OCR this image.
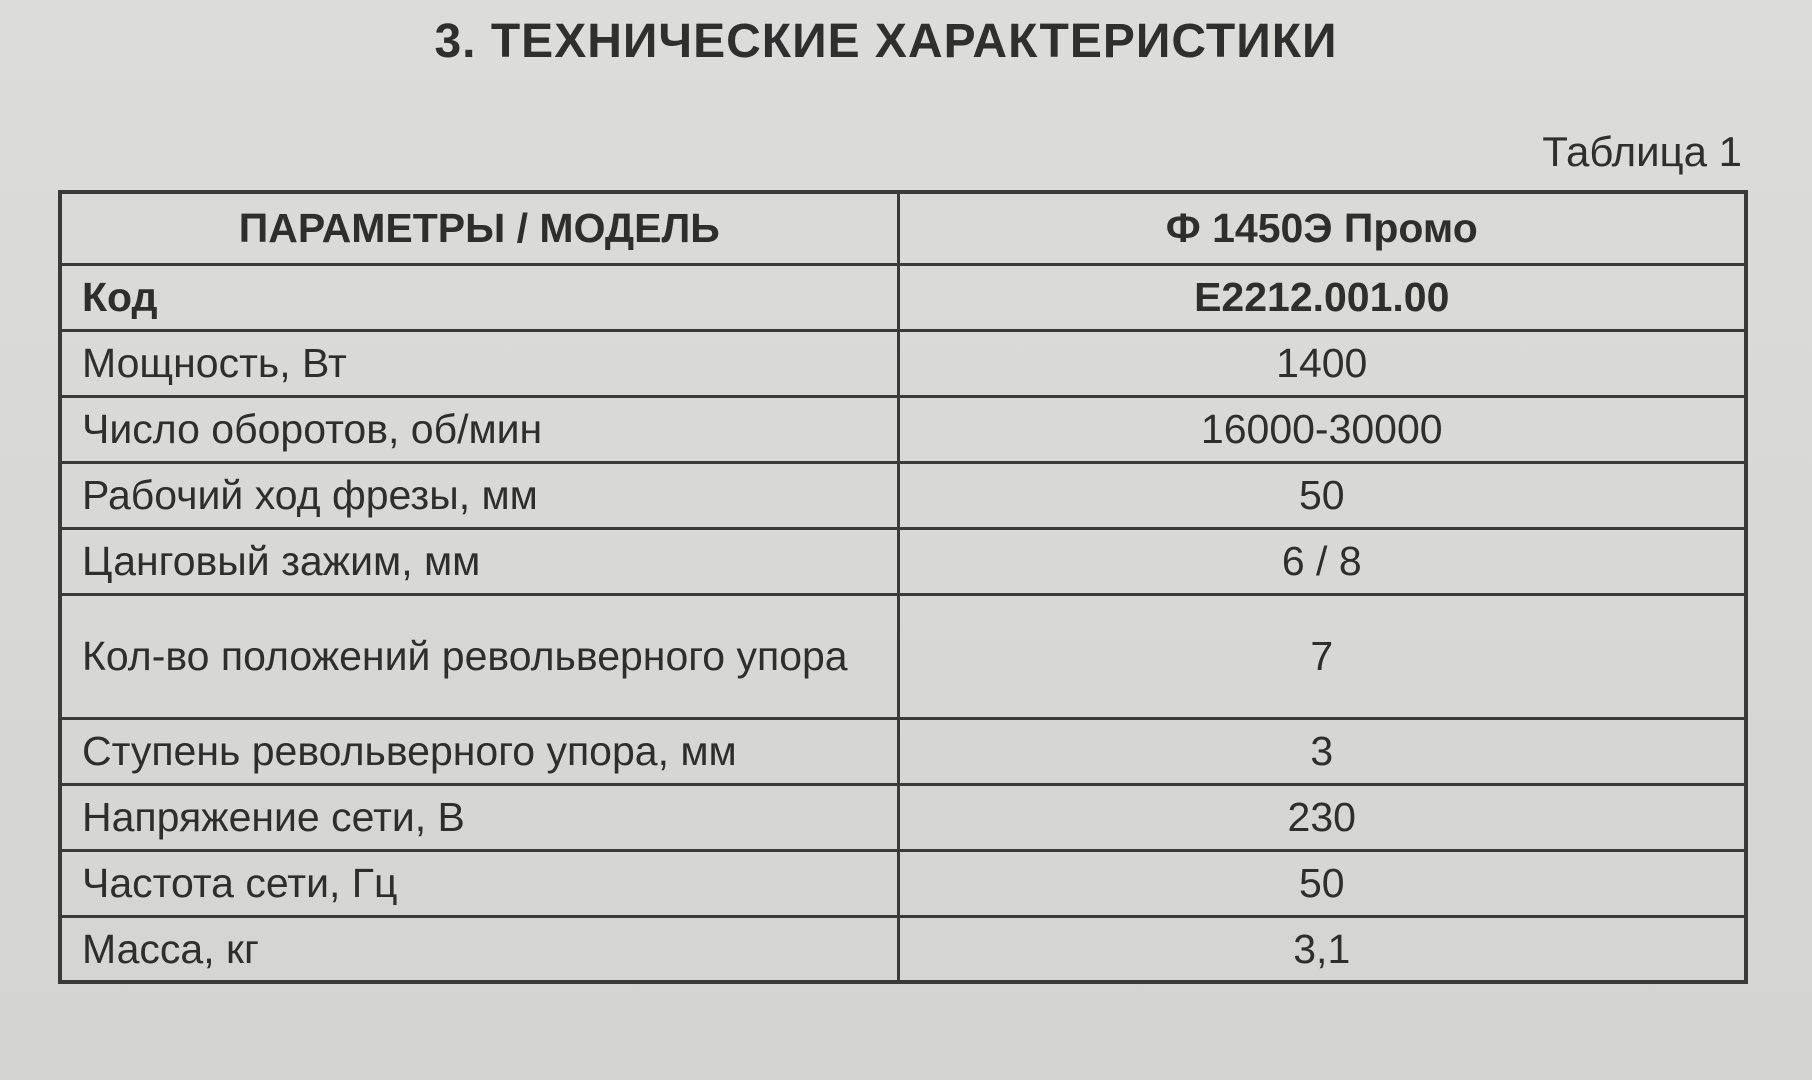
3. ТЕХНИЧЕСКИЕ ХАРАКТЕРИСТИКИ
Таблица 1
ПАРАМЕТРЫ / МОДЕЛЬ	Ф 1450Э Промо
Код	Е2212.001.00
Мощность, Вт	1400
Число оборотов, об/мин	16000-30000
Рабочий ход фрезы, мм	50
Цанговый зажим, мм	6 / 8
Кол-во положений револьверного упора	7
Ступень револьверного упора, мм	3
Напряжение сети, В	230
Частота сети, Гц	50
Масса, кг	3,1
